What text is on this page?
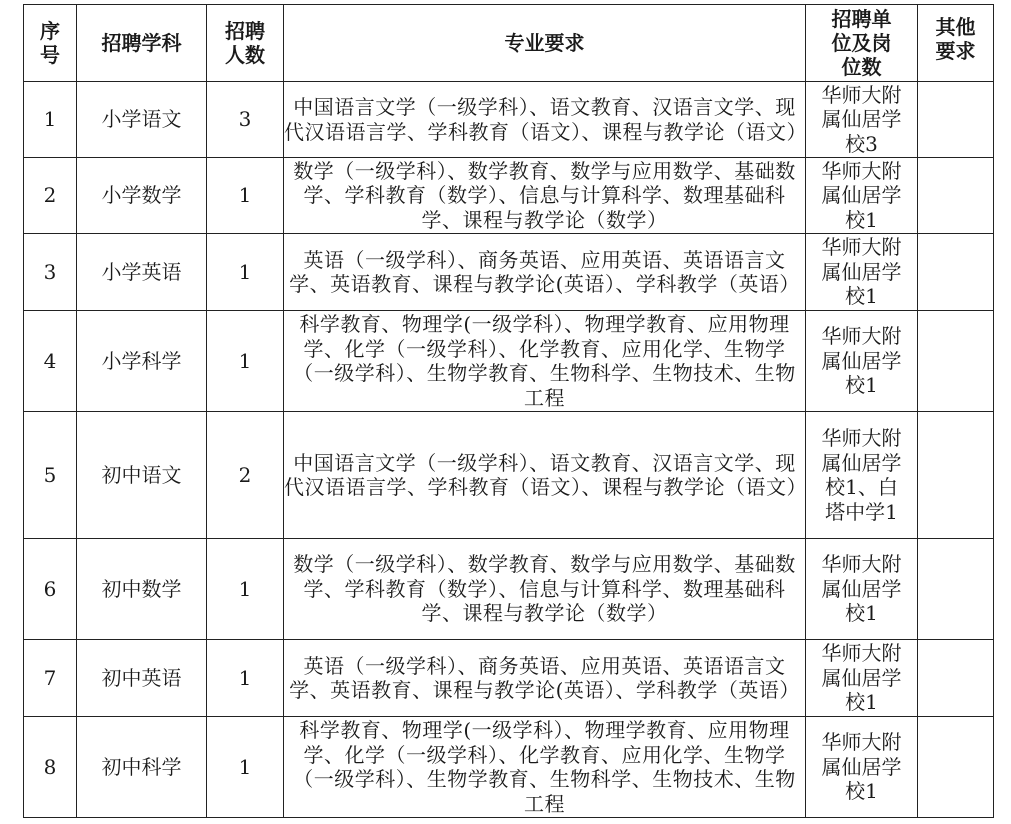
序号	招聘学科	招聘人数	专业要求	招聘单位及岗位数	其他要求

1	小学语文	3	中国语言文学（一级学科）、语文教育、汉语言文学、现代汉语语言学、学科教育（语文）、课程与教学论（语文）	华师大附属仙居学校3	

2	小学数学	1	数学（一级学科）、数学教育、数学与应用数学、基础数学、学科教育（数学）、信息与计算科学、数理基础科学、课程与教学论（数学）	华师大附属仙居学校1	

3	小学英语	1	英语（一级学科）、商务英语、应用英语、英语语言文学、英语教育、课程与教学论(英语）、学科教学（英语）	华师大附属仙居学校1	

4	小学科学	1	科学教育、物理学(一级学科）、物理学教育、应用物理学、化学（一级学科）、化学教育、应用化学、生物学（一级学科）、生物学教育、生物科学、生物技术、生物工程	华师大附属仙居学校1	

5	初中语文	2	中国语言文学（一级学科）、语文教育、汉语言文学、现代汉语语言学、学科教育（语文）、课程与教学论（语文）	华师大附属仙居学校1、白塔中学1	

6	初中数学	1	数学（一级学科）、数学教育、数学与应用数学、基础数学、学科教育（数学）、信息与计算科学、数理基础科学、课程与教学论（数学）	华师大附属仙居学校1	

7	初中英语	1	英语（一级学科）、商务英语、应用英语、英语语言文学、英语教育、课程与教学论(英语）、学科教学（英语）	华师大附属仙居学校1	

8	初中科学	1	科学教育、物理学(一级学科）、物理学教育、应用物理学、化学（一级学科）、化学教育、应用化学、生物学（一级学科）、生物学教育、生物科学、生物技术、生物工程	华师大附属仙居学校1	
